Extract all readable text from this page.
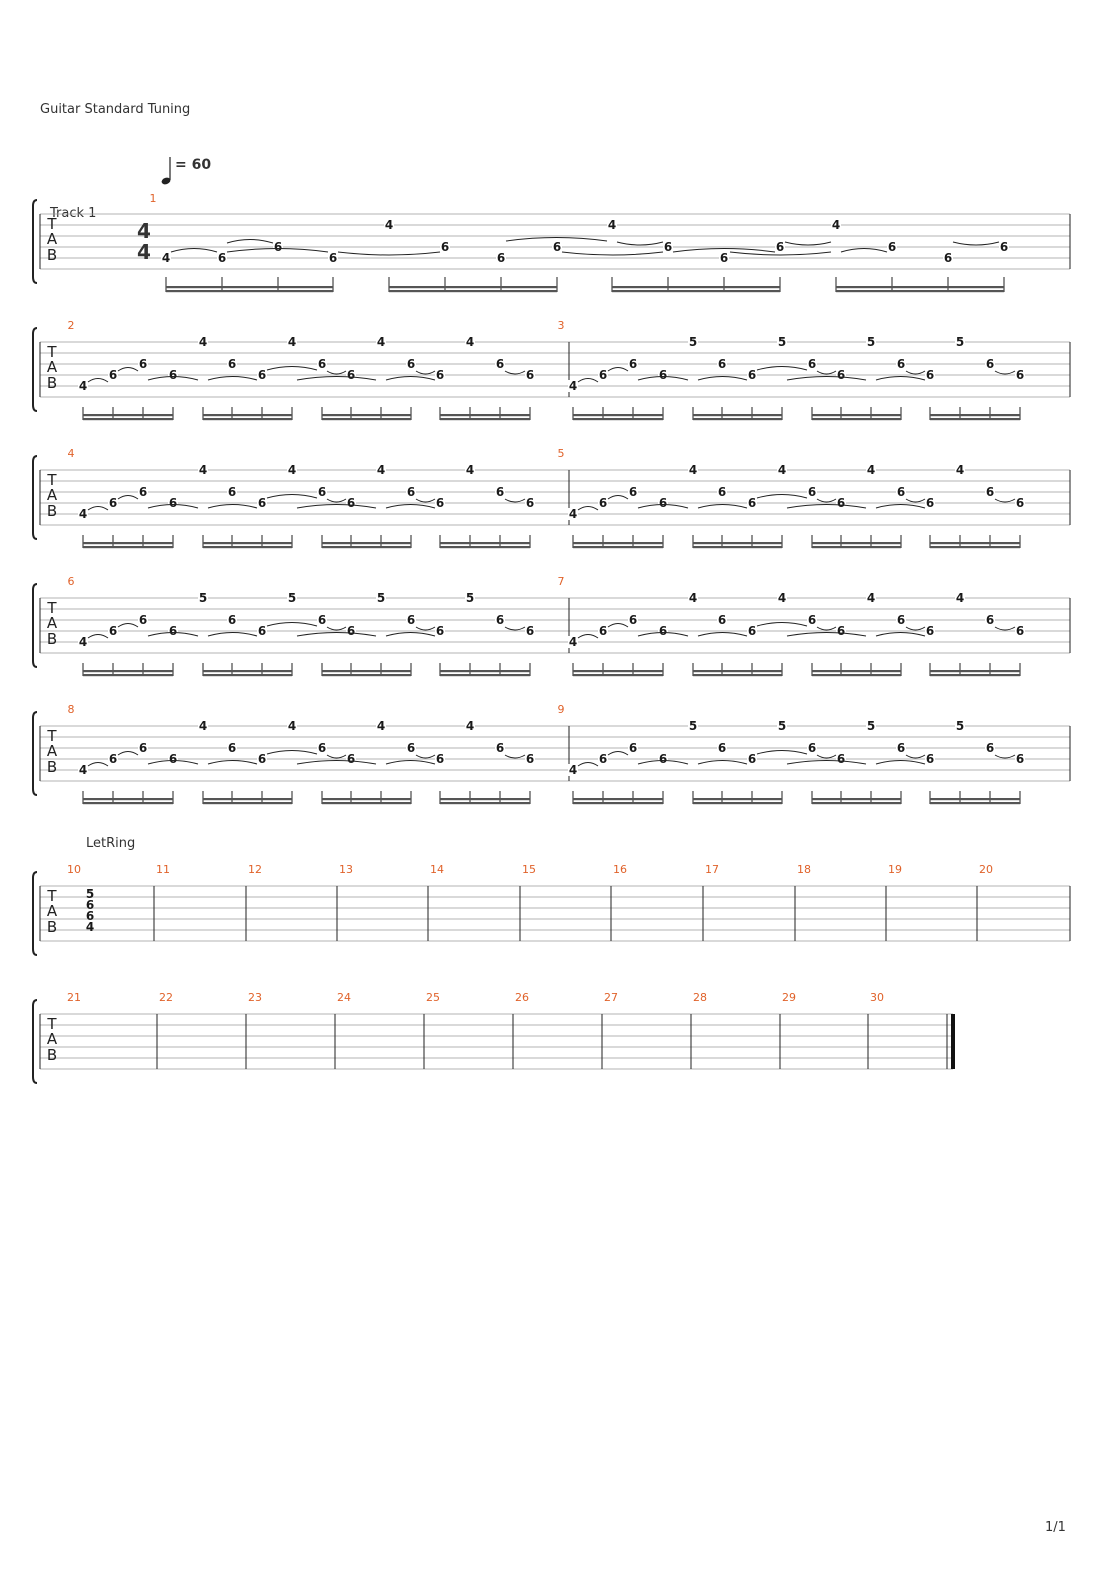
Guitar Standard Tuning
= 60
Track 1
LetRing
T
A
B
4
4
1
4	6
6
6
4
6
6
6
4
6
6
6
4
6
6
6
T
A
B
2
4
6
6
6
4
6
6
4
6
6
4
6
6
4
6
6
3
4
6
6
6
5
6
6
5
6
6
5
6
6
5
6
6
T
A
B
4
4
6
6
6
4
6
6
4
6
6
4
6
6
4
6
6
5
4
6
6
6
4
6
6
4
6
6
4
6
6
4
6
6
T
A
B
6
4
6
6
6
5
6
6
5
6
6
5
6
6
5
6
6
7
4
6
6
6
4
6
6
4
6
6
4
6
6
4
6
6
T
A
B
8
4
6
6
6
4
6
6
4
6
6
4
6
6
4
6
6
9
4
6
6
6
5
6
6
5
6
6
5
6
6
5
6
6
T
A
B
10	11	12	13	14	15	16	17	18	19	20
5
6
6
4
T
A
B
21	22	23	24	25	26	27	28	29	30
1/1
